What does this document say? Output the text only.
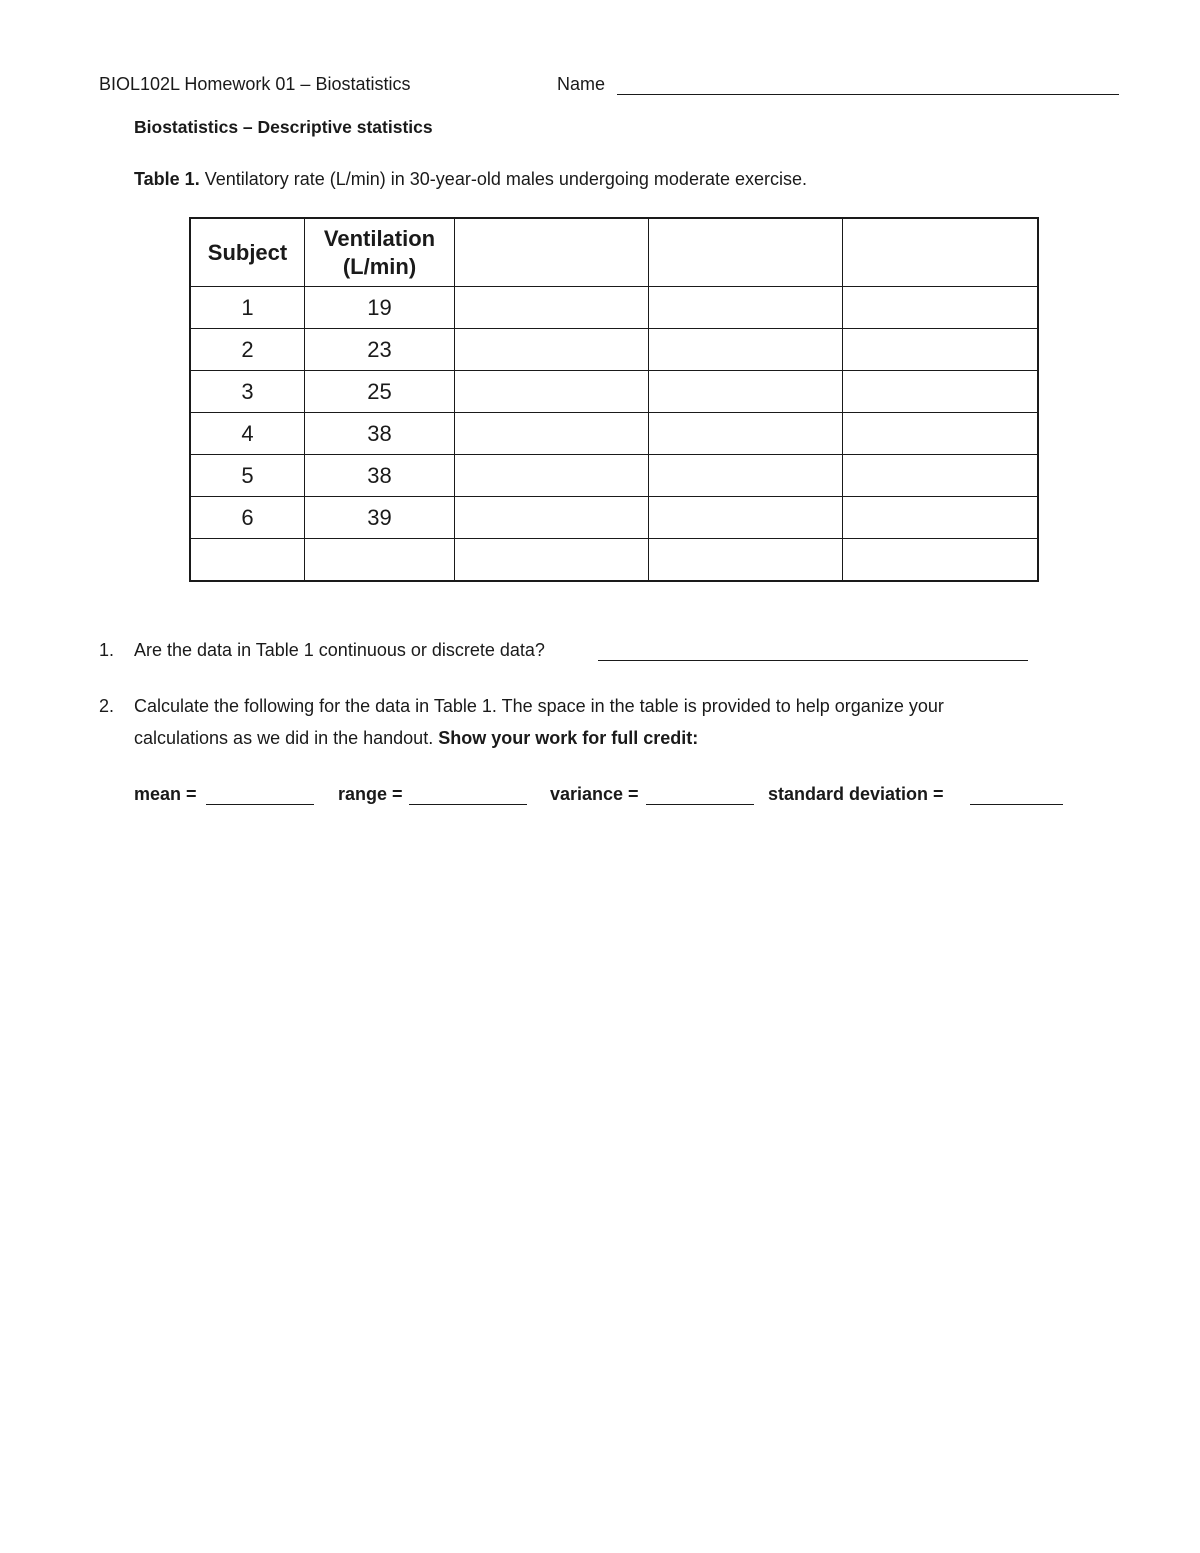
BIOL102L Homework 01 – Biostatistics	Name
Biostatistics – Descriptive statistics
Table 1. Ventilatory rate (L/min) in 30-year-old males undergoing moderate exercise.
Subject	Ventilation (L/min)			
1	19			
2	23			
3	25			
4	38			
5	38			
6	39			

1. Are the data in Table 1 continuous or discrete data?
2. Calculate the following for the data in Table 1. The space in the table is provided to help organize your
calculations as we did in the handout. Show your work for full credit:
mean =	range =	variance =	standard deviation =
